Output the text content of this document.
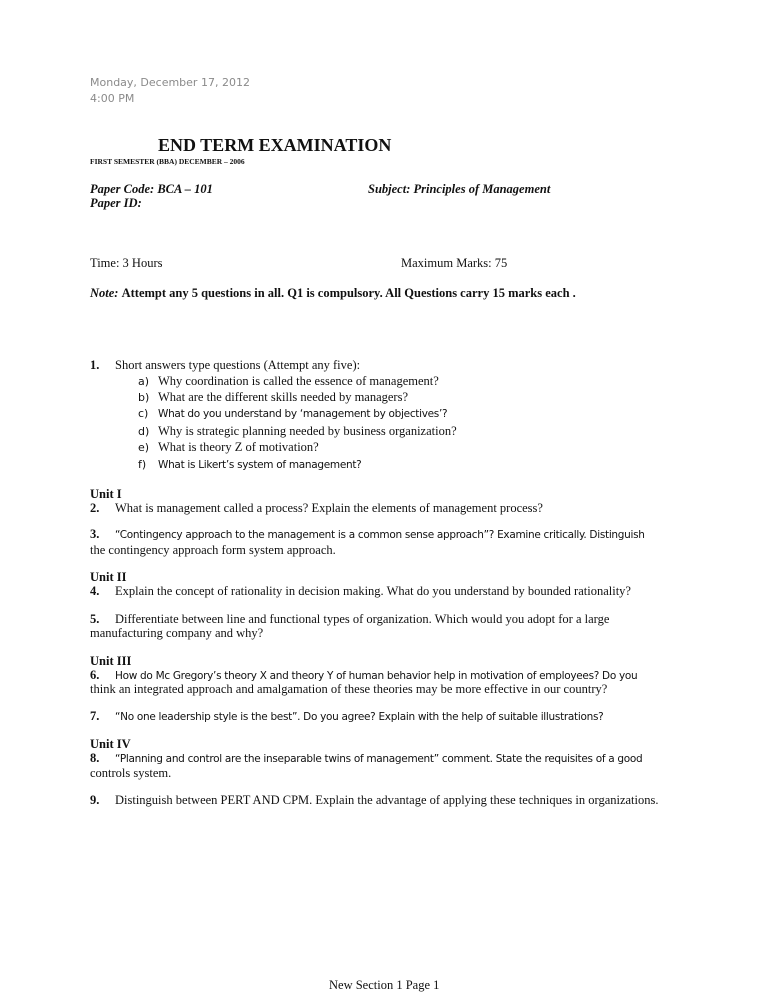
Monday, December 17, 2012
4:00 PM
END TERM EXAMINATION
FIRST SEMESTER (BBA) DECEMBER – 2006
Paper Code: BCA – 101	Subject: Principles of Management
Paper ID:
Time: 3 Hours	Maximum Marks: 75
Note: Attempt any 5 questions in all. Q1 is compulsory. All Questions carry 15 marks each .
1. Short answers type questions (Attempt any five):
a) Why coordination is called the essence of management?
b) What are the different skills needed by managers?
c) What do you understand by ‘management by objectives’?
d) Why is strategic planning needed by business organization?
e) What is theory Z of motivation?
f) What is Likert’s system of management?
Unit I
2. What is management called a process? Explain the elements of management process?
3. “Contingency approach to the management is a common sense approach”? Examine critically. Distinguish
the contingency approach form system approach.
Unit II
4. Explain the concept of rationality in decision making. What do you understand by bounded rationality?
5. Differentiate between line and functional types of organization. Which would you adopt for a large
manufacturing company and why?
Unit III
6. How do Mc Gregory’s theory X and theory Y of human behavior help in motivation of employees? Do you
think an integrated approach and amalgamation of these theories may be more effective in our country?
7. “No one leadership style is the best”. Do you agree? Explain with the help of suitable illustrations?
Unit IV
8. “Planning and control are the inseparable twins of management” comment. State the requisites of a good
controls system.
9. Distinguish between PERT AND CPM. Explain the advantage of applying these techniques in organizations.
New Section 1 Page 1
